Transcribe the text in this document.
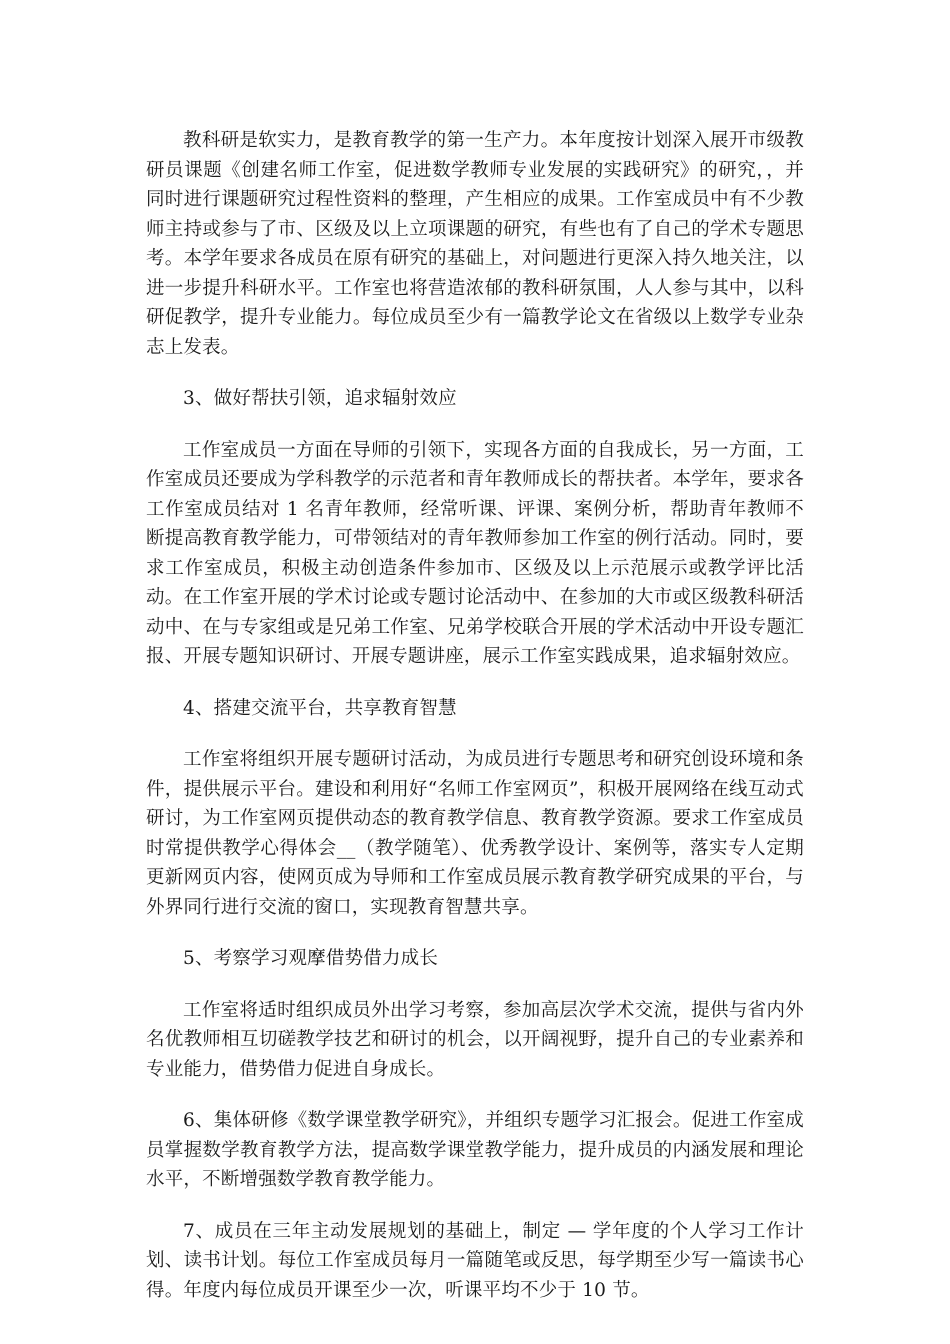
教科研是软实力，是教育教学的第一生产力。本年度按计划深入展开市级教研员课题《创建名师工作室，促进数学教师专业发展的实践研究》的研究，，并同时进行课题研究过程性资料的整理，产生相应的成果。工作室成员中有不少教师主持或参与了市、区级及以上立项课题的研究，有些也有了自己的学术专题思考。本学年要求各成员在原有研究的基础上，对问题进行更深入持久地关注，以进一步提升科研水平。工作室也将营造浓郁的教科研氛围，人人参与其中，以科研促教学，提升专业能力。每位成员至少有一篇教学论文在省级以上数学专业杂志上发表。

3、做好帮扶引领，追求辐射效应

工作室成员一方面在导师的引领下，实现各方面的自我成长，另一方面，工作室成员还要成为学科教学的示范者和青年教师成长的帮扶者。本学年，要求各工作室成员结对 1 名青年教师，经常听课、评课、案例分析，帮助青年教师不断提高教育教学能力，可带领结对的青年教师参加工作室的例行活动。同时，要求工作室成员，积极主动创造条件参加市、区级及以上示范展示或教学评比活动。在工作室开展的学术讨论或专题讨论活动中、在参加的大市或区级教科研活动中、在与专家组或是兄弟工作室、兄弟学校联合开展的学术活动中开设专题汇报、开展专题知识研讨、开展专题讲座，展示工作室实践成果，追求辐射效应。

4、搭建交流平台，共享教育智慧

工作室将组织开展专题研讨活动，为成员进行专题思考和研究创设环境和条件，提供展示平台。建设和利用好“名师工作室网页”，积极开展网络在线互动式研讨，为工作室网页提供动态的教育教学信息、教育教学资源。要求工作室成员时常提供教学心得体会__（教学随笔）、优秀教学设计、案例等，落实专人定期更新网页内容，使网页成为导师和工作室成员展示教育教学研究成果的平台，与外界同行进行交流的窗口，实现教育智慧共享。

5、考察学习观摩借势借力成长

工作室将适时组织成员外出学习考察，参加高层次学术交流，提供与省内外名优教师相互切磋教学技艺和研讨的机会，以开阔视野，提升自己的专业素养和专业能力，借势借力促进自身成长。

6、集体研修《数学课堂教学研究》，并组织专题学习汇报会。促进工作室成员掌握数学教育教学方法，提高数学课堂教学能力，提升成员的内涵发展和理论水平，不断增强数学教育教学能力。

7、成员在三年主动发展规划的基础上，制定 — 学年度的个人学习工作计划、读书计划。每位工作室成员每月一篇随笔或反思，每学期至少写一篇读书心得。年度内每位成员开课至少一次，听课平均不少于 10 节。
